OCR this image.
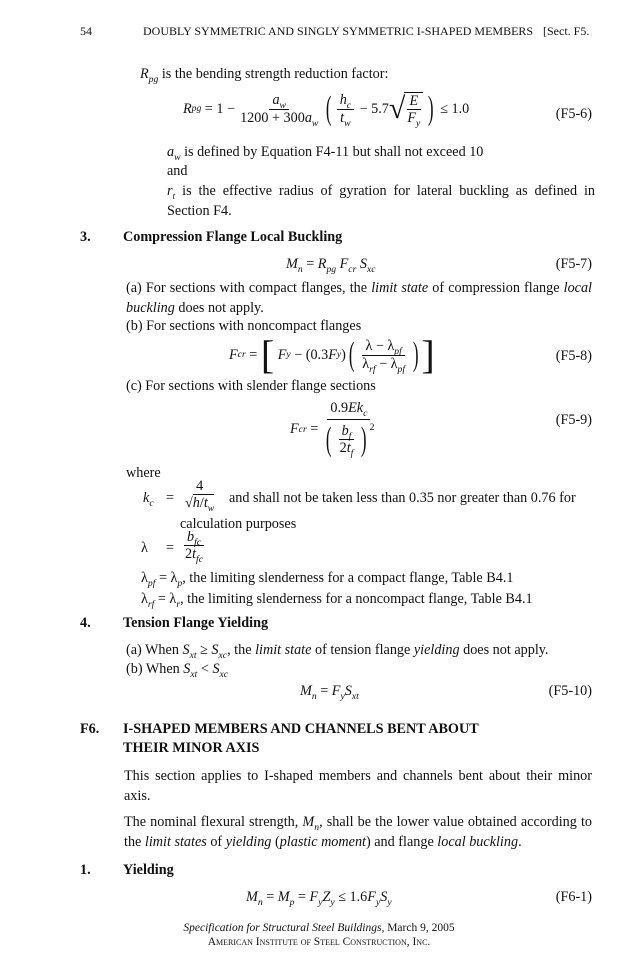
54	DOUBLY SYMMETRIC AND SINGLY SYMMETRIC I-SHAPED MEMBERS [Sect. F5.
$R_{pg}$ is the bending strength reduction factor:
R pg = $1 - \frac{a_w}{1200 + 300a_w}$ ( $\frac{h_c}{t_w} - 5.7$ √ $\frac{E}{F_y}$ ) ≤ 1.0	(F5-6)
$a_w$ is defined by Equation F4-11 but shall not exceed 10
and
$r_t$ is the effective radius of gyration for lateral buckling as defined in Section F4.
3. Compression Flange Local Buckling
$M_n = R_{pg}$ $F_{cr}$ $S_{xc}$	(F5-7)
(a) For sections with compact flanges, the limit state of compression flange local buckling does not apply.
(b) For sections with noncompact flanges
F cr = [
F y − (0.3 F y ) ( $\frac{\lambda - \lambda_{pf}}{\lambda_{rf} - \lambda_{pf}}$ ) ]	(F5-8)
(c) For sections with slender flange sections
F cr = $\frac{0.9Ek_c}{( \frac{b_f}{2t_f} ) ^2}$	(F5-9)
where
$k_c = \frac{4}{√h/t_w}$ and shall not be taken less than 0.35 nor greater than 0.76 for
calculation purposes
$\lambda = \frac{b_{fc}}{2t_{fc}}$
$\lambda_{pf} = \lambda_p$, the limiting slenderness for a compact flange, Table B4.1
$\lambda_{rf} = \lambda_r$, the limiting slenderness for a noncompact flange, Table B4.1
4. Tension Flange Yielding
(a) When $S_{xt} \ge S_{xc}$, the limit state of tension flange yielding does not apply.
(b) When $S_{xt} < S_{xc}$
$M_n = F_yS_{xt}$	(F5-10)
F6. I-SHAPED MEMBERS AND CHANNELS BENT ABOUT
THEIR MINOR AXIS
This section applies to I-shaped members and channels bent about their minor axis.
The nominal flexural strength, $M_n$, shall be the lower value obtained according to the limit states of yielding (plastic moment) and flange local buckling.
1. Yielding
$M_n = M_p = F_yZ_y \le 1.6F_yS_y$	(F6-1)
Specification for Structural Steel Buildings, March 9, 2005
American Institute of Steel Construction, Inc.
